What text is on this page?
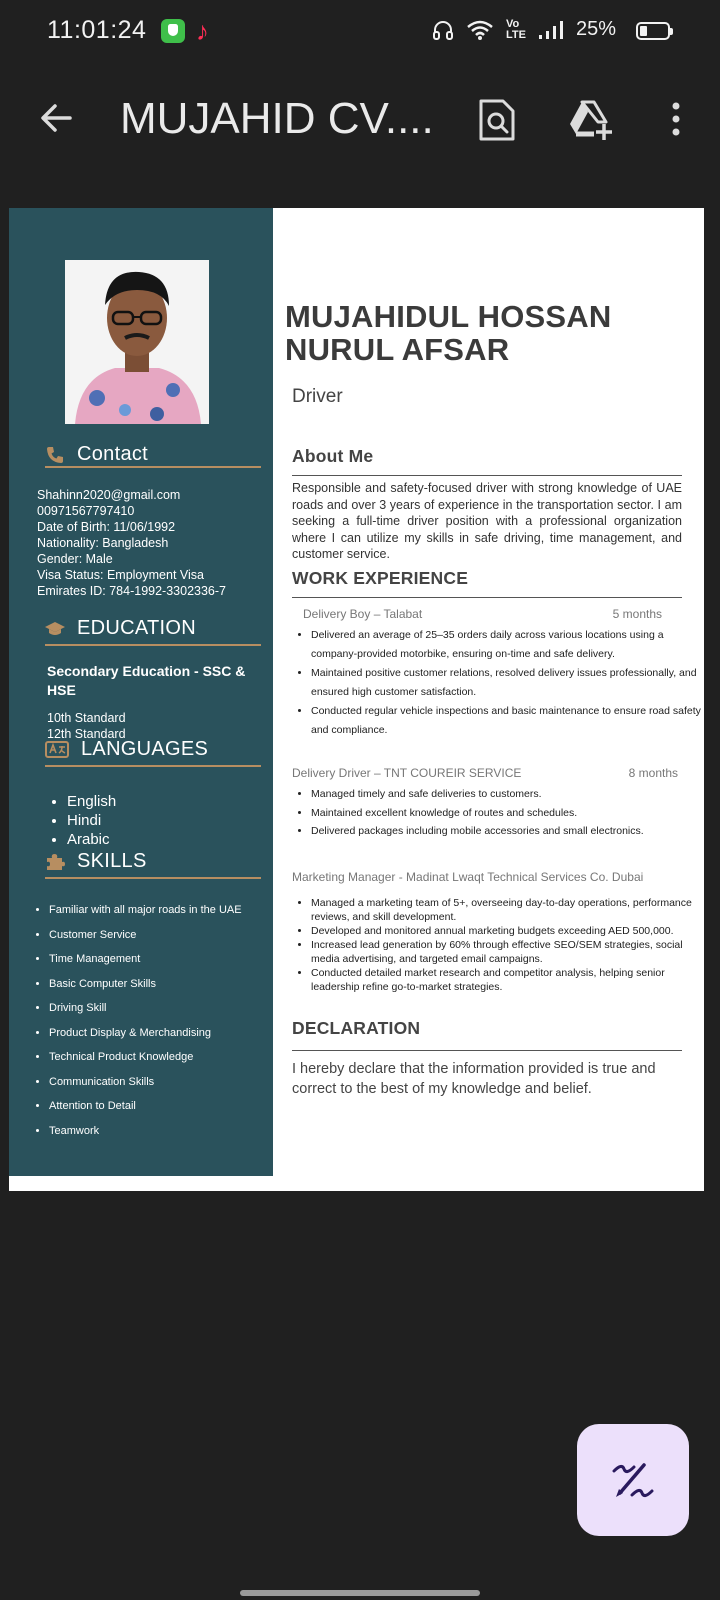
11:01:24 ♪	Vo LTE	25%
MUJAHID CV....
Contact
Shahinn2020@gmail.com
00971567797410
Date of Birth: 11/06/1992
Nationality: Bangladesh
Gender: Male
Visa Status: Employment Visa
Emirates ID: 784-1992-3302336-7
EDUCATION
Secondary Education - SSC & HSE
10th Standard
12th Standard
LANGUAGES
• English
• Hindi
• Arabic
SKILLS
• Familiar with all major roads in the UAE
• Customer Service
• Time Management
• Basic Computer Skills
• Driving Skill
• Product Display & Merchandising
• Technical Product Knowledge
• Communication Skills
• Attention to Detail
• Teamwork
MUJAHIDUL HOSSAN
NURUL AFSAR
Driver
About Me
Responsible and safety-focused driver with strong knowledge of UAE roads and over 3 years of experience in the transportation sector. I am seeking a full-time driver position with a professional organization where I can utilize my skills in safe driving, time management, and customer service.
WORK EXPERIENCE
Delivery Boy – Talabat	5 months
• Delivered an average of 25–35 orders daily across various locations using a company-provided motorbike, ensuring on-time and safe delivery.
• Maintained positive customer relations, resolved delivery issues professionally, and ensured high customer satisfaction.
• Conducted regular vehicle inspections and basic maintenance to ensure road safety and compliance.
Delivery Driver – TNT COUREIR SERVICE	8 months
• Managed timely and safe deliveries to customers.
• Maintained excellent knowledge of routes and schedules.
• Delivered packages including mobile accessories and small electronics.
Marketing Manager - Madinat Lwaqt Technical Services Co. Dubai
• Managed a marketing team of 5+, overseeing day-to-day operations, performance reviews, and skill development.
• Developed and monitored annual marketing budgets exceeding AED 500,000.
• Increased lead generation by 60% through effective SEO/SEM strategies, social media advertising, and targeted email campaigns.
• Conducted detailed market research and competitor analysis, helping senior leadership refine go-to-market strategies.
DECLARATION
I hereby declare that the information provided is true and correct to the best of my knowledge and belief.
